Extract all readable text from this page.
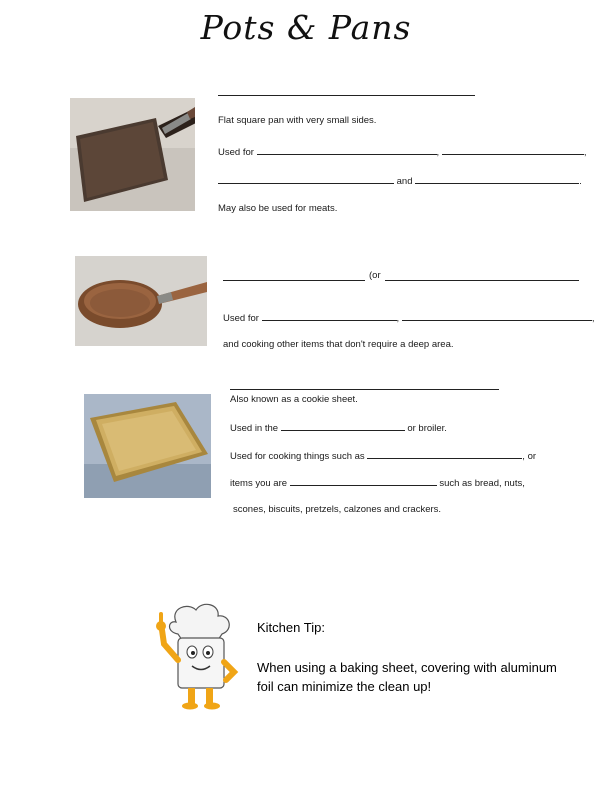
Pots & Pans
Flat square pan with very small sides.
Used for	,	,
and	.
May also be used for meats.
(or
Used for	,	,
and cooking other items that don't require a deep area.
Also known as a cookie sheet.
Used in the	or broiler.
Used for cooking things such as	, or
items you are	such as bread, nuts,
scones, biscuits, pretzels, calzones and crackers.
Kitchen Tip:
When using a baking sheet, covering with aluminum foil can minimize the clean up!
